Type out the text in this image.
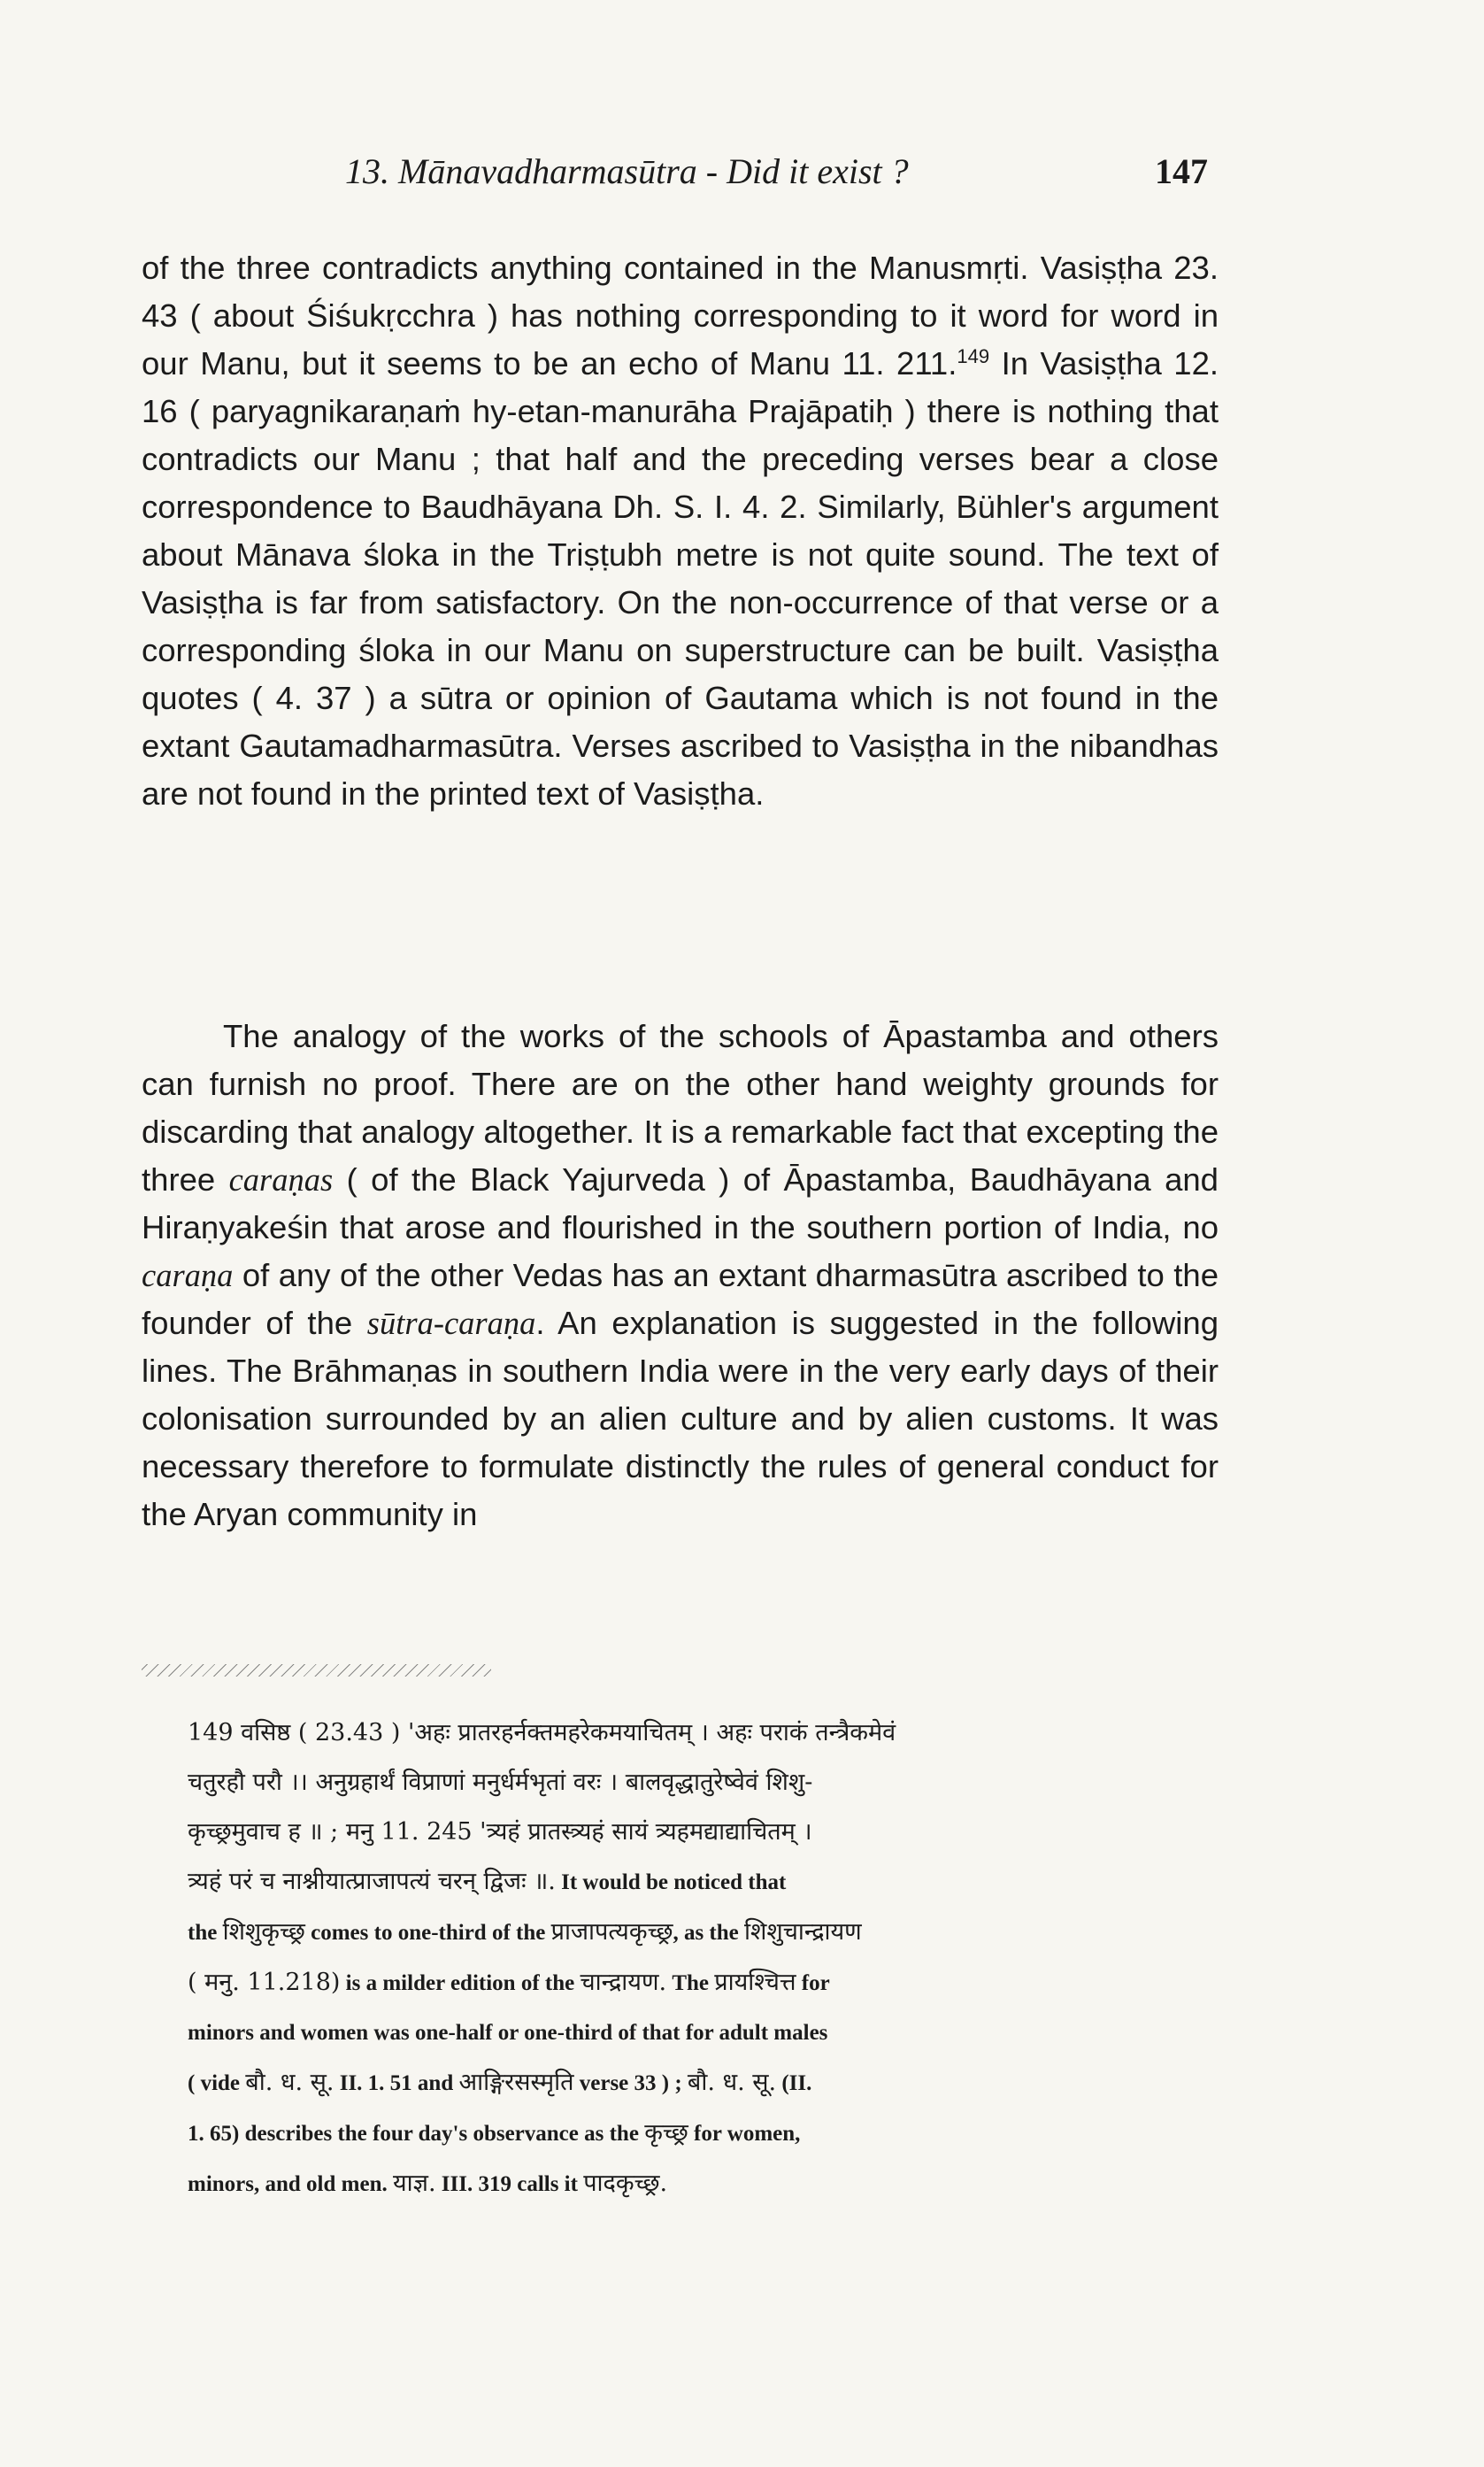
13. Mānavadharmasūtra - Did it exist ?	147

of the three contradicts anything contained in the Manusmṛti. Vasiṣṭha 23. 43 ( about Śiśukṛcchra ) has nothing corresponding to it word for word in our Manu, but it seems to be an echo of Manu 11. 211.$^{149}$ In Vasiṣṭha 12. 16 ( paryagnikaraṇaṁ hy-etan-manurāha Prajāpatiḥ ) there is nothing that contradicts our Manu ; that half and the preceding verses bear a close correspondence to Baudhāyana Dh. S. I. 4. 2. Similarly, Bühler's argument about Mānava śloka in the Triṣṭubh metre is not quite sound. The text of Vasiṣṭha is far from satisfactory. On the non-occurrence of that verse or a corresponding śloka in our Manu on superstructure can be built. Vasiṣṭha quotes ( 4. 37 ) a sūtra or opinion of Gautama which is not found in the extant Gautamadharmasūtra. Verses ascribed to Vasiṣṭha in the nibandhas are not found in the printed text of Vasiṣṭha.

The analogy of the works of the schools of Āpastamba and others can furnish no proof. There are on the other hand weighty grounds for discarding that analogy altogether. It is a remarkable fact that excepting the three caraṇas ( of the Black Yajurveda ) of Āpastamba, Baudhāyana and Hiraṇyakeśin that arose and flourished in the southern portion of India, no caraṇa of any of the other Vedas has an extant dharmasūtra ascribed to the founder of the sūtra-caraṇa. An explanation is suggested in the following lines. The Brāhmaṇas in southern India were in the very early days of their colonisation surrounded by an alien culture and by alien customs. It was necessary therefore to formulate distinctly the rules of general conduct for the Aryan community in

149 वसिष्ठ ( 23.43 ) 'अहः प्रातरहर्नक्तमहरेकमयाचितम् । अहः पराकं तन्त्रैकमेवं
चतुरहौ परौ ।। अनुग्रहार्थं विप्राणां मनुर्धर्मभृतां वरः । बालवृद्धातुरेष्वेवं शिशु-
कृच्छ्रमुवाच ह ॥ ; मनु 11. 245 'त्र्यहं प्रातस्त्र्यहं सायं त्र्यहमद्याद्याचितम् ।
त्र्यहं परं च नाश्नीयात्प्राजापत्यं चरन् द्विजः ॥. It would be noticed that
the शिशुकृच्छ्र comes to one-third of the प्राजापत्यकृच्छ्र, as the शिशुचान्द्रायण
( मनु. 11.218) is a milder edition of the चान्द्रायण. The प्रायश्चित्त for
minors and women was one-half or one-third of that for adult males
( vide बौ. ध. सू. II. 1. 51 and आङ्गिरसस्मृति verse 33 ) ; बौ. ध. सू. (II.
1. 65) describes the four day's observance as the कृच्छ्र for women,
minors, and old men. याज्ञ. III. 319 calls it पादकृच्छ्र.
